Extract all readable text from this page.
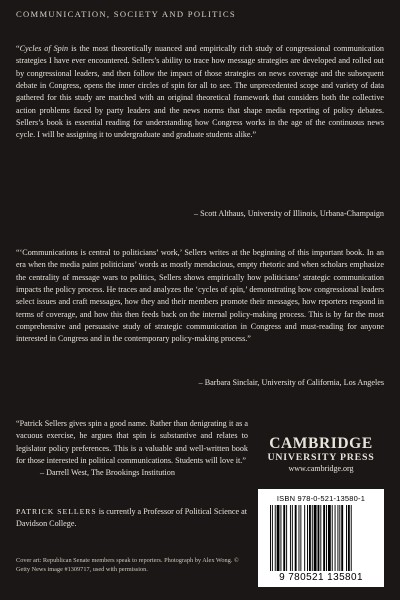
COMMUNICATION, SOCIETY AND POLITICS

“Cycles of Spin is the most theoretically nuanced and empirically rich study of congressional communication strategies I have ever encountered. Sellers’s ability to trace how message strategies are developed and rolled out by congressional leaders, and then follow the impact of those strategies on news coverage and the subsequent debate in Congress, opens the inner circles of spin for all to see. The unprecedented scope and variety of data gathered for this study are matched with an original theoretical framework that considers both the collective action problems faced by party leaders and the news norms that shape media reporting of policy debates. Sellers’s book is essential reading for understanding how Congress works in the age of the continuous news cycle. I will be assigning it to undergraduate and graduate students alike.”

– Scott Althaus, University of Illinois, Urbana-Champaign

“‘Communications is central to politicians’ work,’ Sellers writes at the beginning of this important book. In an era when the media paint politicians’ words as mostly mendacious, empty rhetoric and when scholars emphasize the centrality of message wars to politics, Sellers shows empirically how politicians’ strategic communication impacts the policy process. He traces and analyzes the ‘cycles of spin,’ demonstrating how congressional leaders select issues and craft messages, how they and their members promote their messages, how reporters respond in terms of coverage, and how this then feeds back on the internal policy-making process. This is by far the most comprehensive and persuasive study of strategic communication in Congress and must-reading for anyone interested in Congress and in the contemporary policy-making process.”

– Barbara Sinclair, University of California, Los Angeles

“Patrick Sellers gives spin a good name. Rather than denigrating it as a vacuous exercise, he argues that spin is substantive and relates to legislator policy preferences. This is a valuable and well-written book for those interested in political communications. Students will love it.”

– Darrell West, The Brookings Institution

PATRICK SELLERS is currently a Professor of Political Science at Davidson College.

Cover art: Republican Senate members speak to reporters. Photograph by Alex Wong. © Getty News image #1309717, used with permission.

CAMBRIDGE
UNIVERSITY PRESS
www.cambridge.org
ISBN 978-0-521-13580-1
9 780521 135801
